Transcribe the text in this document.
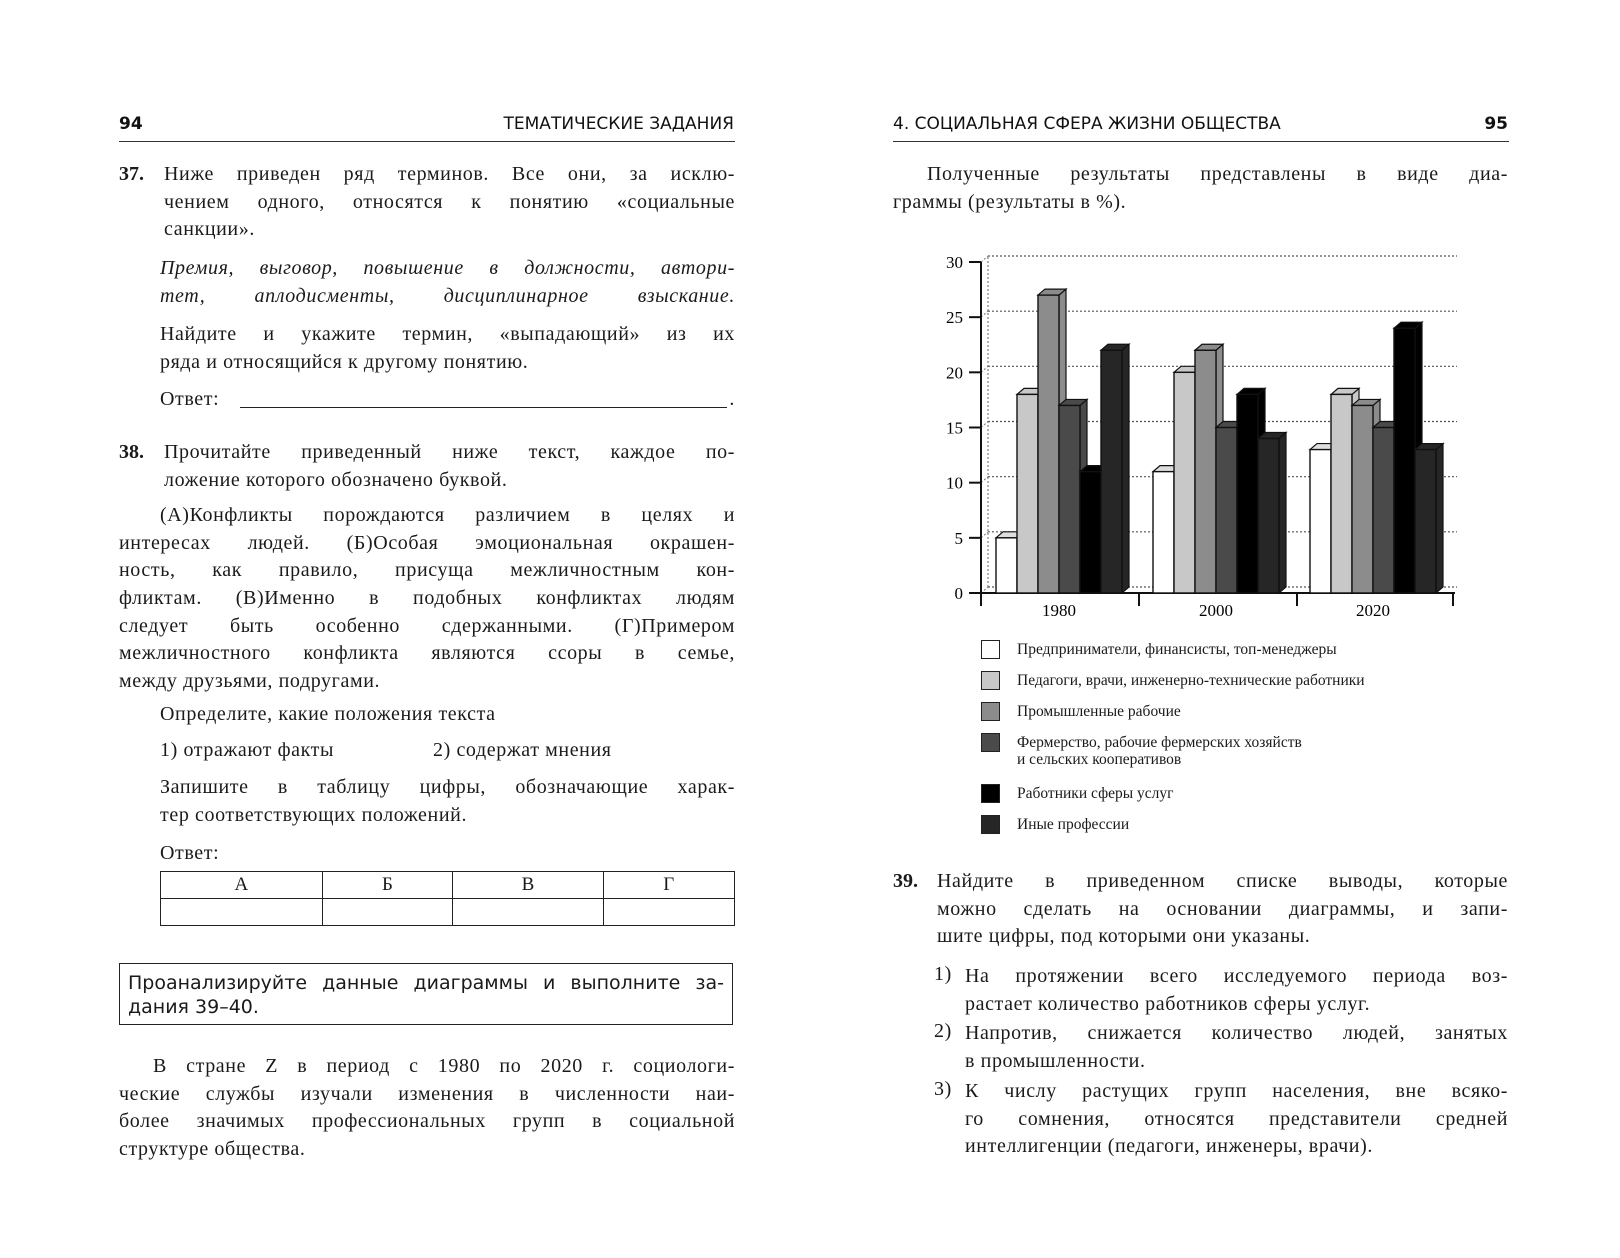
94	ТЕМАТИЧЕСКИЕ ЗАДАНИЯ
37. Ниже приведен ряд терминов. Все они, за исклю-
чением одного, относятся к понятию «социальные
санкции».
Премия, выговор, повышение в должности, автори-
тет, аплодисменты, дисциплинарное взыскание.
Найдите и укажите термин, «выпадающий» из их
ряда и относящийся к другому понятию.
Ответ:	.
38. Прочитайте приведенный ниже текст, каждое по-
ложение которого обозначено буквой.
(А)Конфликты порождаются различием в целях и
интересах людей. (Б)Особая эмоциональная окрашен-
ность, как правило, присуща межличностным кон-
фликтам. (В)Именно в подобных конфликтах людям
следует быть особенно сдержанными. (Г)Примером
межличностного конфликта являются ссоры в семье,
между друзьями, подругами.
Определите, какие положения текста
1) отражают факты	2) содержат мнения
Запишите в таблицу цифры, обозначающие харак-
тер соответствующих положений.
Ответ:
А	Б	В	Г

Проанализируйте данные диаграммы и выполните за-
дания 39–40.
В стране Z в период с 1980 по 2020 г. социологи-
ческие службы изучали изменения в численности наи-
более значимых профессиональных групп в социальной
структуре общества.
4. СОЦИАЛЬНАЯ СФЕРА ЖИЗНИ ОБЩЕСТВА	95
Полученные результаты представлены в виде диа-
граммы (результаты в %).
0
5
10
15
20
25
30
1980	2000	2020
Предприниматели, финансисты, топ-менеджеры
Педагоги, врачи, инженерно-технические работники
Промышленные рабочие
Фермерство, рабочие фермерских хозяйств
и сельских кооперативов
Работники сферы услуг
Иные профессии
39. Найдите в приведенном списке выводы, которые
можно сделать на основании диаграммы, и запи-
шите цифры, под которыми они указаны.
1) На протяжении всего исследуемого периода воз-
растает количество работников сферы услуг.
2) Напротив, снижается количество людей, занятых
в промышленности.
3) К числу растущих групп населения, вне всяко-
го сомнения, относятся представители средней
интеллигенции (педагоги, инженеры, врачи).
